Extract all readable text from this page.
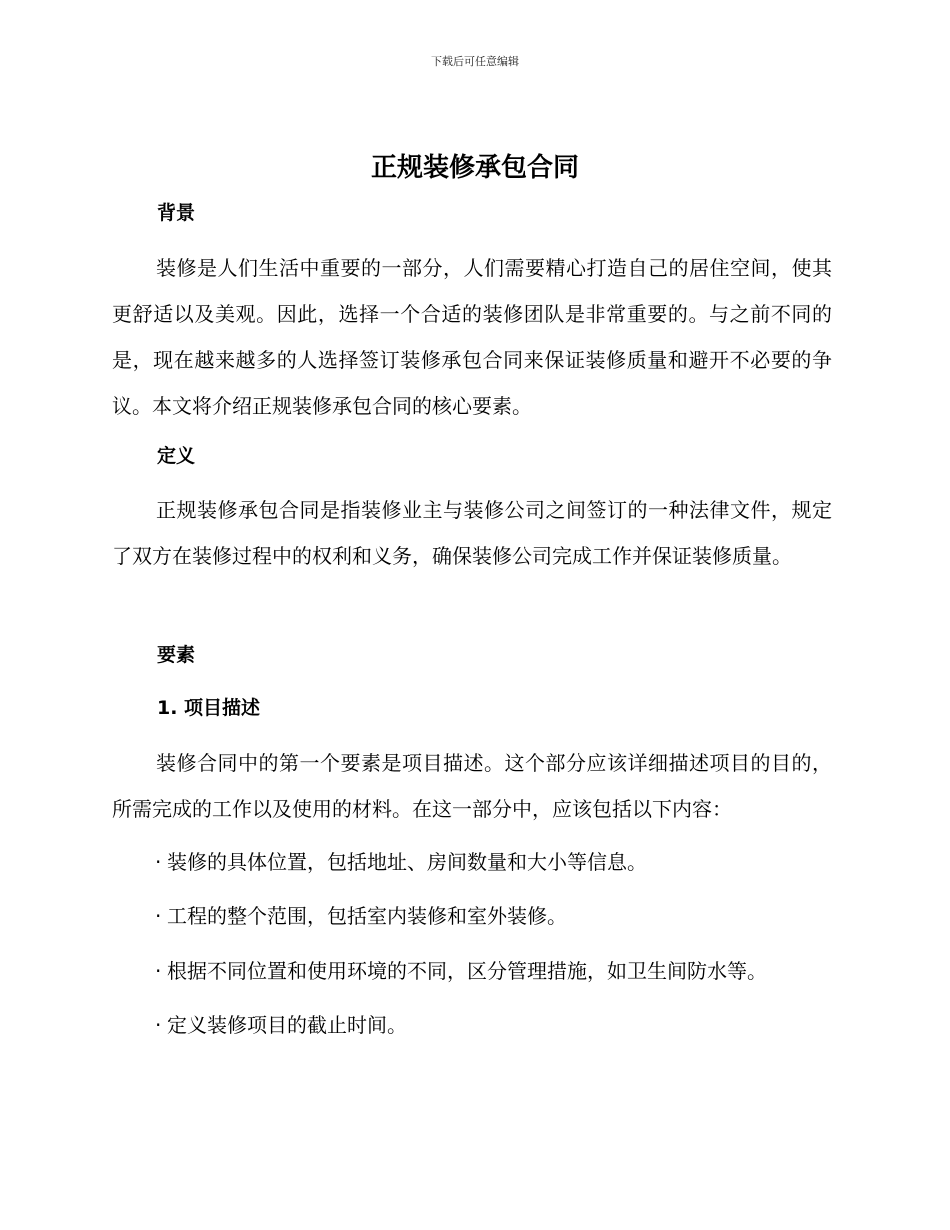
下载后可任意编辑
正规装修承包合同
背景

装修是人们生活中重要的一部分，人们需要精心打造自己的居住空间，使其更舒适以及美观。因此，选择一个合适的装修团队是非常重要的。与之前不同的是，现在越来越多的人选择签订装修承包合同来保证装修质量和避开不必要的争议。本文将介绍正规装修承包合同的核心要素。

定义

正规装修承包合同是指装修业主与装修公司之间签订的一种法律文件，规定了双方在装修过程中的权利和义务，确保装修公司完成工作并保证装修质量。

要素
1. 项目描述

装修合同中的第一个要素是项目描述。这个部分应该详细描述项目的目的，所需完成的工作以及使用的材料。在这一部分中，应该包括以下内容：

· 装修的具体位置，包括地址、房间数量和大小等信息。

· 工程的整个范围，包括室内装修和室外装修。

· 根据不同位置和使用环境的不同，区分管理措施，如卫生间防水等。

· 定义装修项目的截止时间。
